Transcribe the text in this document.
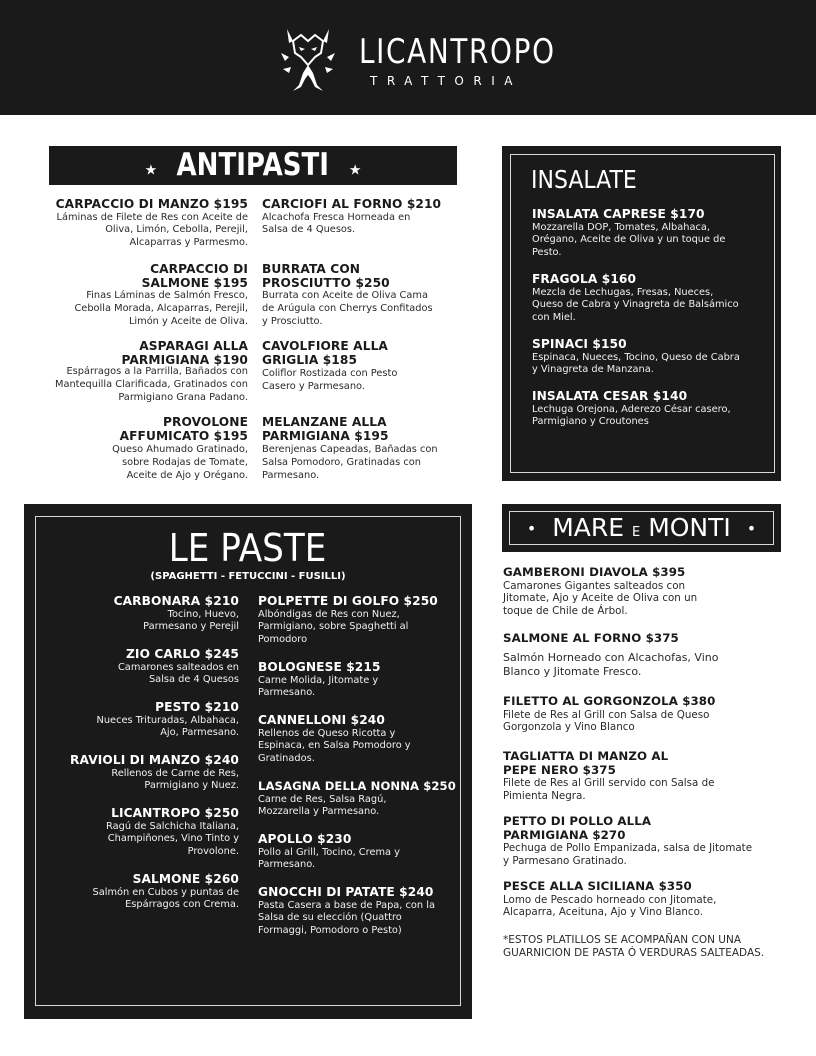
LICANTROPO
TRATTORIA
★ ANTIPASTI ★
CARPACCIO DI MANZO $195
Láminas de Filete de Res con Aceite de Oliva, Limón, Cebolla, Perejil, Alcaparras y Parmesmo.
CARPACCIO DI SALMONE $195
Finas Láminas de Salmón Fresco, Cebolla Morada, Alcaparras, Perejil, Limón y Aceite de Oliva.
ASPARAGI ALLA PARMIGIANA $190
Espárragos a la Parrilla, Bañados con Mantequilla Clarificada, Gratinados con Parmigiano Grana Padano.
PROVOLONE AFFUMICATO $195
Queso Ahumado Gratinado, sobre Rodajas de Tomate, Aceite de Ajo y Orégano.
CARCIOFI AL FORNO $210
Alcachofa Fresca Horneada en Salsa de 4 Quesos.
BURRATA CON PROSCIUTTO $250
Burrata con Aceite de Oliva Cama de Arúgula con Cherrys Confitados y Prosciutto.
CAVOLFIORE ALLA GRIGLIA $185
Coliflor Rostizada con Pesto Casero y Parmesano.
MELANZANE ALLA PARMIGIANA $195
Berenjenas Capeadas, Bañadas con Salsa Pomodoro, Gratinadas con Parmesano.
INSALATE
INSALATA CAPRESE $170
Mozzarella DOP, Tomates, Albahaca, Orégano, Aceite de Oliva y un toque de Pesto.
FRAGOLA $160
Mezcla de Lechugas, Fresas, Nueces, Queso de Cabra y Vinagreta de Balsámico con Miel.
SPINACI $150
Espinaca, Nueces, Tocino, Queso de Cabra y Vinagreta de Manzana.
INSALATA CESAR $140
Lechuga Orejona, Aderezo César casero, Parmigiano y Croutones
LE PASTE
(SPAGHETTI - FETUCCINI - FUSILLI)
CARBONARA $210
Tocino, Huevo, Parmesano y Perejil
ZIO CARLO $245
Camarones salteados en Salsa de 4 Quesos
PESTO $210
Nueces Trituradas, Albahaca, Ajo, Parmesano.
RAVIOLI DI MANZO $240
Rellenos de Carne de Res, Parmigiano y Nuez.
LICANTROPO $250
Ragú de Salchicha Italiana, Champiñones, Vino Tinto y Provolone.
SALMONE $260
Salmón en Cubos y puntas de Espárragos con Crema.
POLPETTE DI GOLFO $250
Albóndigas de Res con Nuez, Parmigiano, sobre Spaghetti al Pomodoro
BOLOGNESE $215
Carne Molida, Jitomate y Parmesano.
CANNELLONI $240
Rellenos de Queso Ricotta y Espinaca, en Salsa Pomodoro y Gratinados.
LASAGNA DELLA NONNA $250
Carne de Res, Salsa Ragú, Mozzarella y Parmesano.
APOLLO $230
Pollo al Grill, Tocino, Crema y Parmesano.
GNOCCHI DI PATATE $240
Pasta Casera a base de Papa, con la Salsa de su elección (Quattro Formaggi, Pomodoro o Pesto)
• MARE E MONTI •
GAMBERONI DIAVOLA $395
Camarones Gigantes salteados con Jitomate, Ajo y Aceite de Oliva con un toque de Chile de Árbol.
SALMONE AL FORNO $375
Salmón Horneado con Alcachofas, Vino Blanco y Jitomate Fresco.
FILETTO AL GORGONZOLA $380
Filete de Res al Grill con Salsa de Queso Gorgonzola y Vino Blanco
TAGLIATTA DI MANZO AL PEPE NERO $375
Filete de Res al Grill servido con Salsa de Pimienta Negra.
PETTO DI POLLO ALLA PARMIGIANA $270
Pechuga de Pollo Empanizada, salsa de Jitomate y Parmesano Gratinado.
PESCE ALLA SICILIANA $350
Lomo de Pescado horneado con Jitomate, Alcaparra, Aceituna, Ajo y Vino Blanco.
*ESTOS PLATILLOS SE ACOMPAÑAN CON UNA GUARNICION DE PASTA Ó VERDURAS SALTEADAS.
